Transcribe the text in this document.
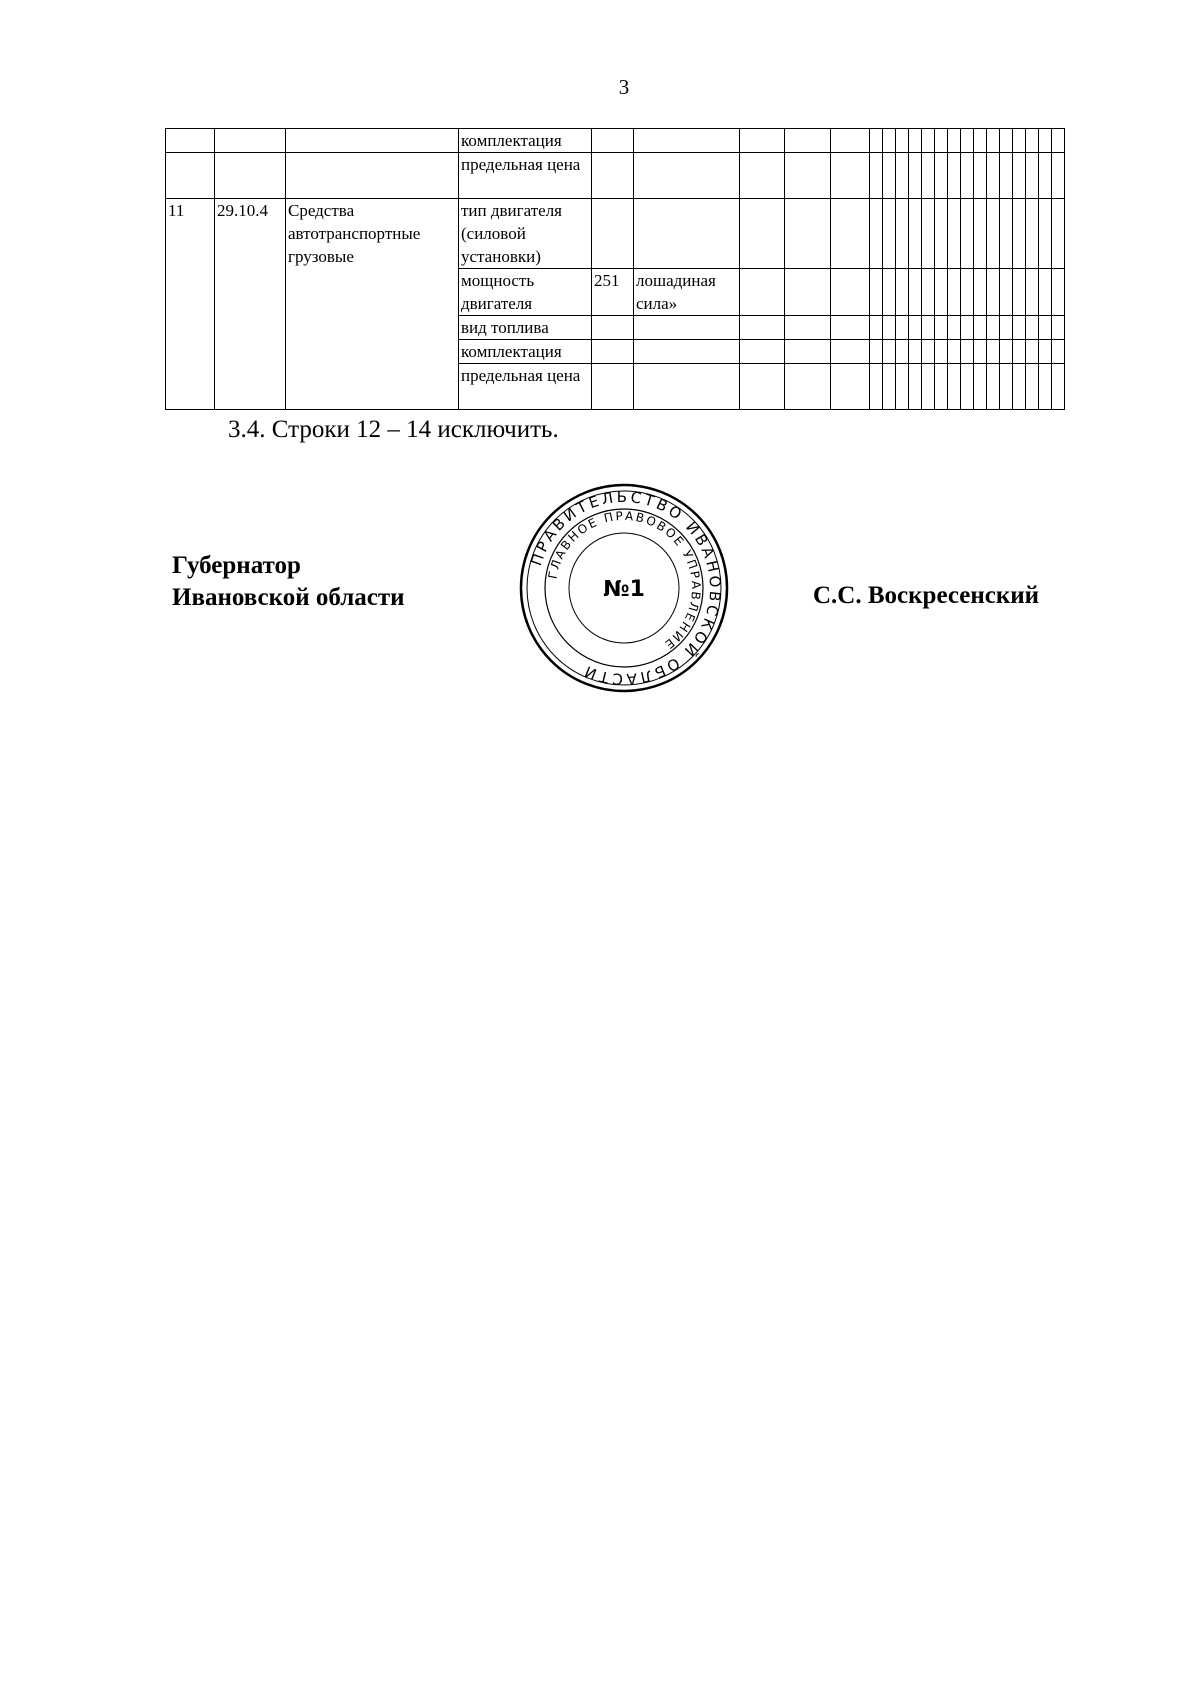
3
			комплектация																				
			предельная цена																				
11	29.10.4	Средства автотранспортные грузовые	тип двигателя (силовой установки)																				
			мощность двигателя	251	лошадиная сила»																		
			вид топлива																				
			комплектация																				
			предельная цена																				
3.4. Строки 12 – 14 исключить.
Губернатор
Ивановской области	С.С. Воскресенский
ПРАВИТЕЛЬСТВО ИВАНОВСКОЙ ОБЛАСТИ
ГЛАВНОЕ ПРАВОВОЕ УПРАВЛЕНИЕ
№1
